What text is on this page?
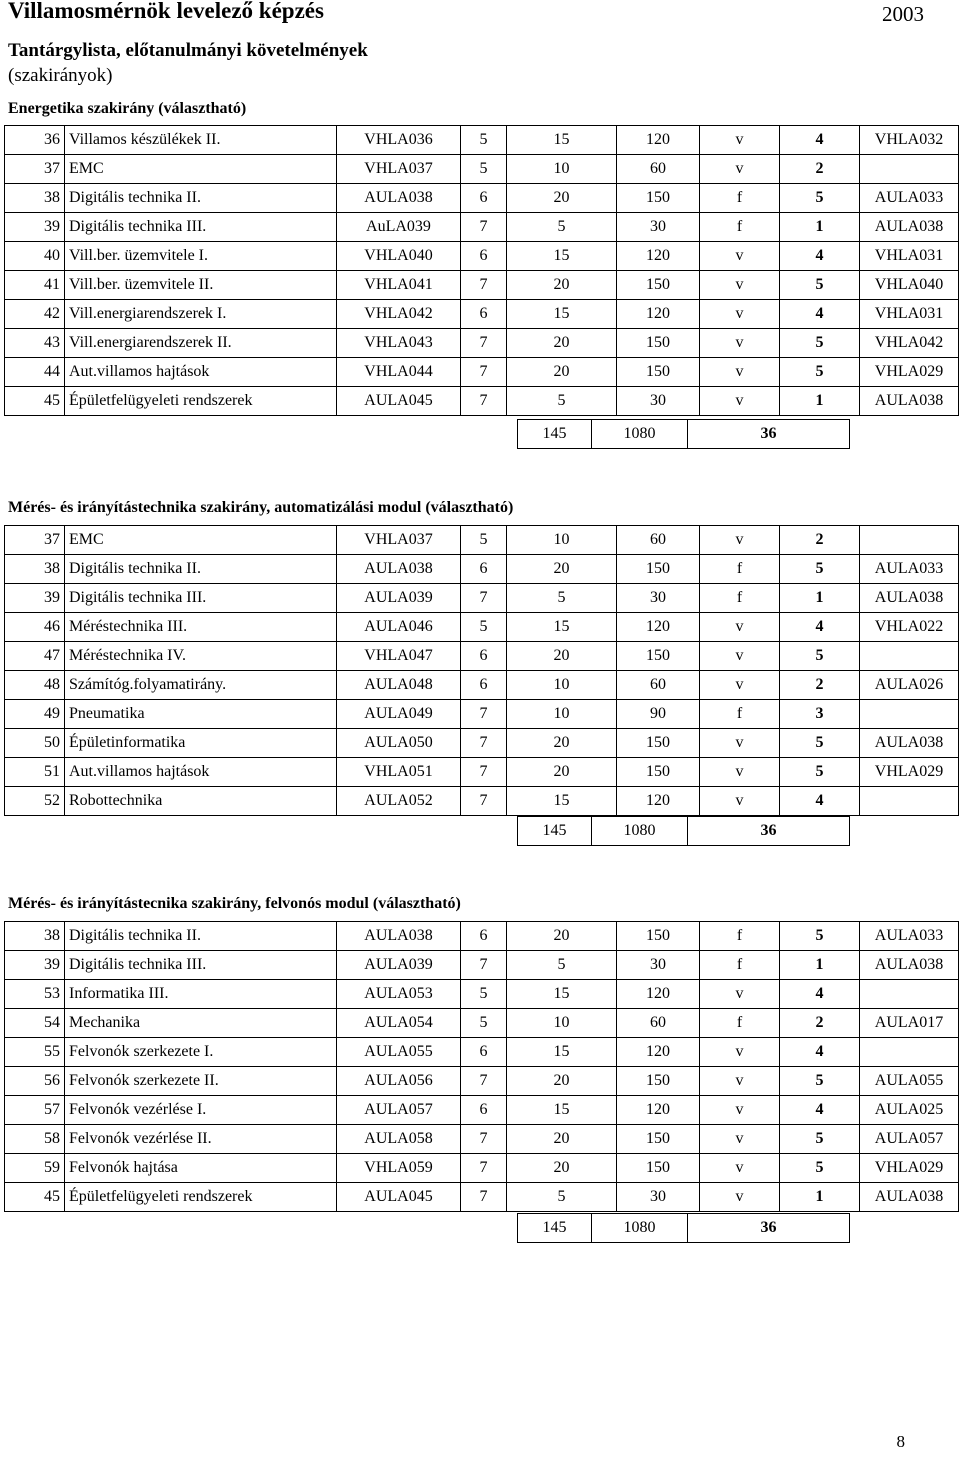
Villamosmérnök levelező képzés	2003
Tantárgylista, előtanulmányi követelmények
(szakirányok)
Energetika szakirány (választható)
36	Villamos készülékek II.	VHLA036	5	15	120	v	4	VHLA032
37	EMC	VHLA037	5	10	60	v	2	
38	Digitális technika II.	AULA038	6	20	150	f	5	AULA033
39	Digitális technika III.	AuLA039	7	5	30	f	1	AULA038
40	Vill.ber. üzemvitele I.	VHLA040	6	15	120	v	4	VHLA031
41	Vill.ber. üzemvitele II.	VHLA041	7	20	150	v	5	VHLA040
42	Vill.energiarendszerek I.	VHLA042	6	15	120	v	4	VHLA031
43	Vill.energiarendszerek II.	VHLA043	7	20	150	v	5	VHLA042
44	Aut.villamos hajtások	VHLA044	7	20	150	v	5	VHLA029
45	Épületfelügyeleti rendszerek	AULA045	7	5	30	v	1	AULA038
145	1080	36
Mérés- és irányítástechnika szakirány, automatizálási modul (választható)
37	EMC	VHLA037	5	10	60	v	2	
38	Digitális technika II.	AULA038	6	20	150	f	5	AULA033
39	Digitális technika III.	AULA039	7	5	30	f	1	AULA038
46	Méréstechnika III.	AULA046	5	15	120	v	4	VHLA022
47	Méréstechnika IV.	VHLA047	6	20	150	v	5	
48	Számítóg.folyamatirány.	AULA048	6	10	60	v	2	AULA026
49	Pneumatika	AULA049	7	10	90	f	3	
50	Épületinformatika	AULA050	7	20	150	v	5	AULA038
51	Aut.villamos hajtások	VHLA051	7	20	150	v	5	VHLA029
52	Robottechnika	AULA052	7	15	120	v	4	
145	1080	36
Mérés- és irányítástecnika szakirány, felvonós modul (választható)
38	Digitális technika II.	AULA038	6	20	150	f	5	AULA033
39	Digitális technika III.	AULA039	7	5	30	f	1	AULA038
53	Informatika III.	AULA053	5	15	120	v	4	
54	Mechanika	AULA054	5	10	60	f	2	AULA017
55	Felvonók szerkezete I.	AULA055	6	15	120	v	4	
56	Felvonók szerkezete II.	AULA056	7	20	150	v	5	AULA055
57	Felvonók vezérlése I.	AULA057	6	15	120	v	4	AULA025
58	Felvonók vezérlése II.	AULA058	7	20	150	v	5	AULA057
59	Felvonók hajtása	VHLA059	7	20	150	v	5	VHLA029
45	Épületfelügyeleti rendszerek	AULA045	7	5	30	v	1	AULA038
145	1080	36
8
